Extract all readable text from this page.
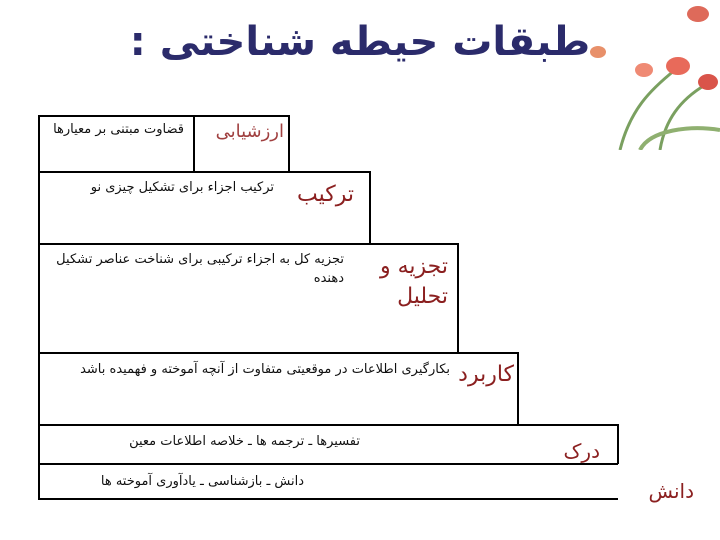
طبقات حیطه شناختی :
ارزشیابی
قضاوت مبتنی بر معیارها
ترکیب
ترکیب اجزاء برای تشکیل چیزی نو
تجزیه و تحلیل
تجزیه کل به اجزاء ترکیبی برای شناخت عناصر تشکیل دهنده
کاربرد
بکارگیری اطلاعات در موقعیتی متفاوت از آنچه آموخته و فهمیده باشد
درک
تفسیرها ـ ترجمه ها ـ خلاصه اطلاعات معین
دانش
دانش ـ بازشناسی ـ یادآوری آموخته ها
